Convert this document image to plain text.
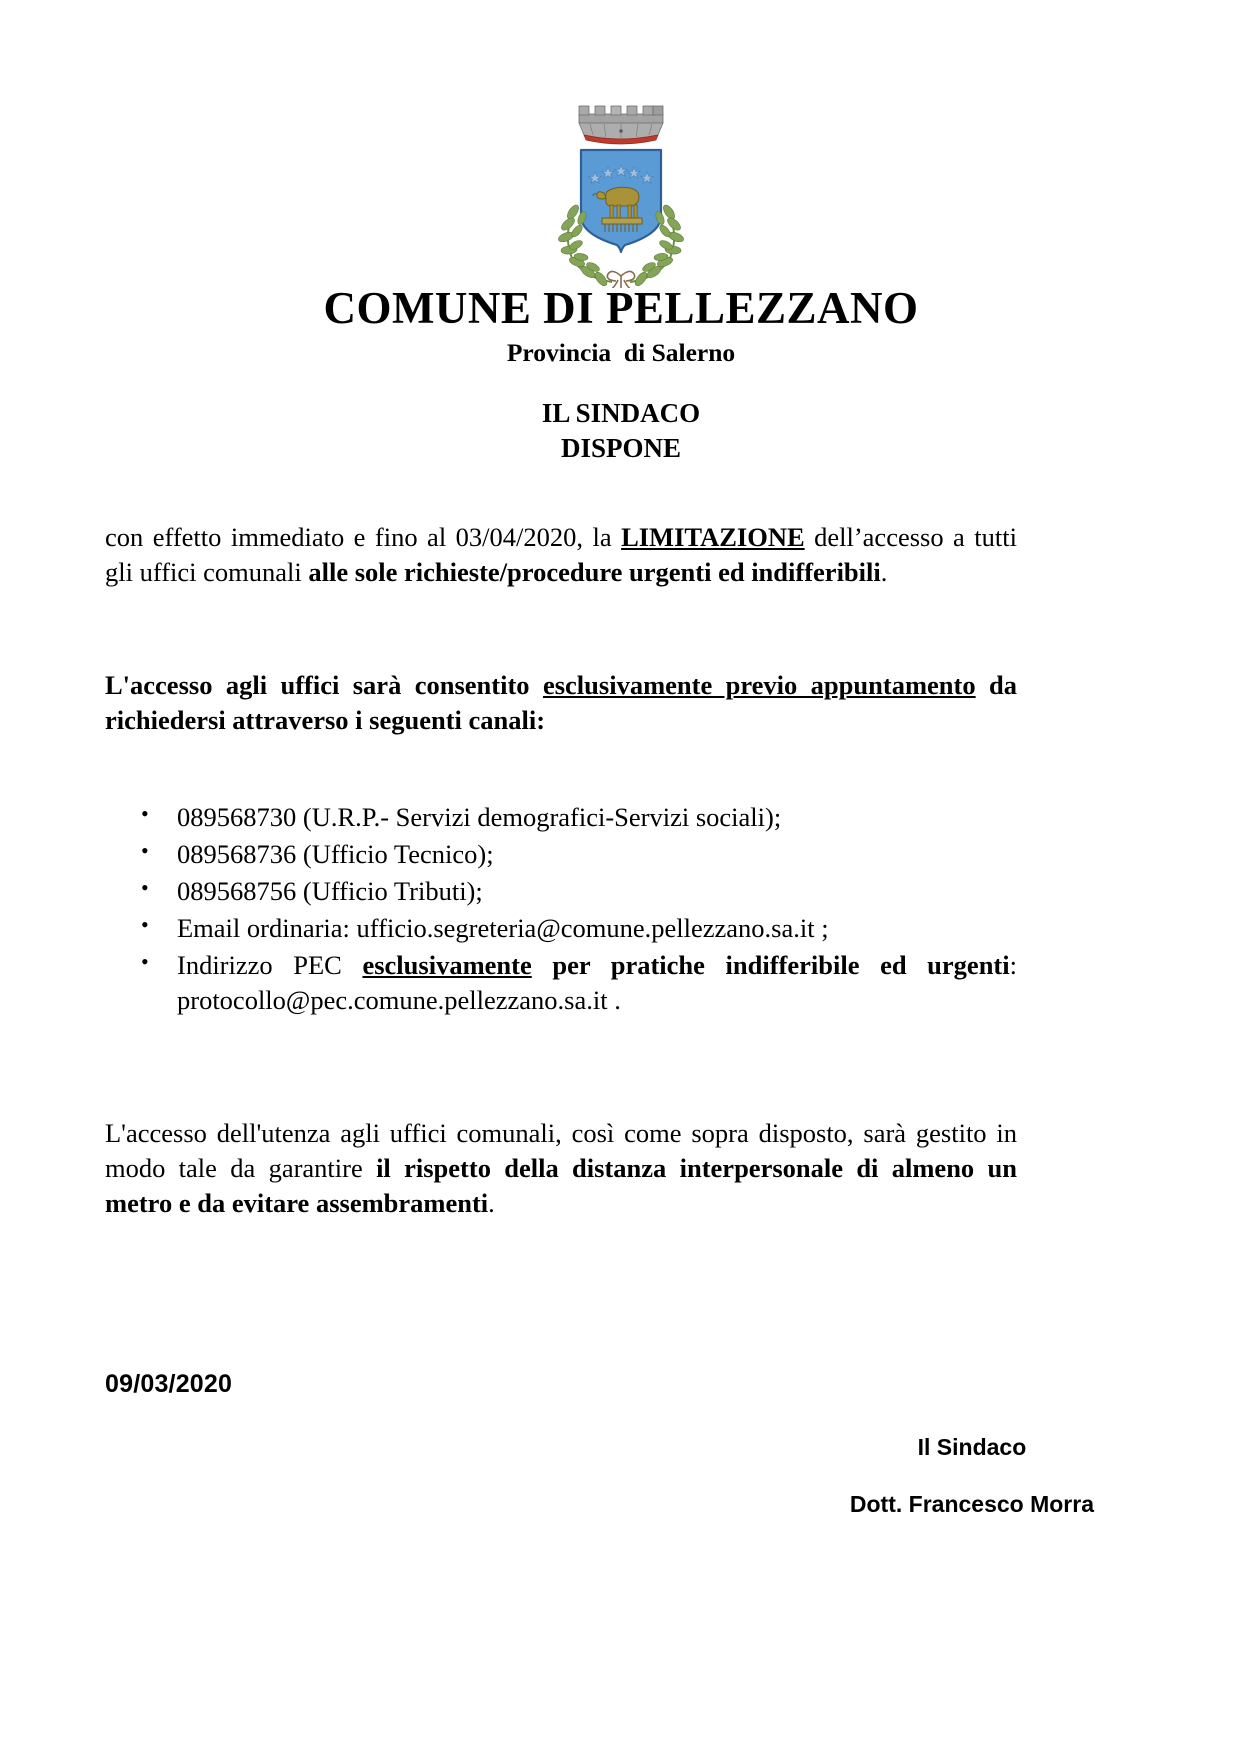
COMUNE DI PELLEZZANO
Provincia  di Salerno
IL SINDACO
DISPONE

con effetto immediato e fino al 03/04/2020, la LIMITAZIONE dell’accesso a tutti gli uffici comunali alle sole richieste/procedure urgenti ed indifferibili.

L'accesso agli uffici sarà consentito esclusivamente previo appuntamento da richiedersi attraverso i seguenti canali:

• 089568730 (U.R.P.- Servizi demografici-Servizi sociali);
• 089568736 (Ufficio Tecnico);
• 089568756 (Ufficio Tributi);
• Email ordinaria: ufficio.segreteria@comune.pellezzano.sa.it ;
• Indirizzo PEC esclusivamente per pratiche indifferibile ed urgenti: protocollo@pec.comune.pellezzano.sa.it .

L'accesso dell'utenza agli uffici comunali, così come sopra disposto, sarà gestito in modo tale da garantire il rispetto della distanza interpersonale di almeno un metro e da evitare assembramenti.

09/03/2020
Il Sindaco
Dott. Francesco Morra
